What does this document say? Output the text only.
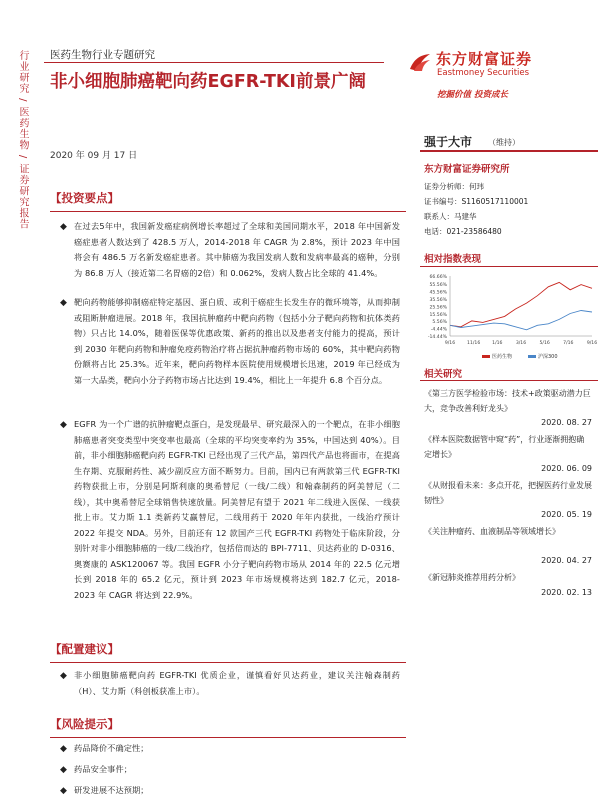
行业研究 / 医药生物 / 证券研究报告 医药生物行业专题研究
非小细胞肺癌靶向药EGFR-TKI前景广阔
2020 年 09 月 17 日
东方财富证券
Eastmoney Securities
挖掘价值 投资成长
【投资要点】
◆ 在过去5年中，我国新发癌症病例增长率超过了全球和美国同期水平，2018 年中国新发癌症患者人数达到了 428.5 万人，2014-2018 年 CAGR 为 2.8%，预计 2023 年中国将会有 486.5 万名新发癌症患者。其中肺癌为我国发病人数和发病率最高的癌种，分别为 86.8 万人（接近第二名胃癌的2倍）和 0.062%，发病人数占比全球的 41.4%。
◆ 靶向药物能够抑制癌症特定基因、蛋白质、或利于癌症生长发生存的微环境等，从而抑制或阻断肿瘤进展。2018 年，我国抗肿瘤药中靶向药物（包括小分子靶向药物和抗体类药物）只占比 14.0%，随着医保等优惠政策、新药的推出以及患者支付能力的提高，预计到 2030 年靶向药物和肿瘤免疫药物治疗将占据抗肿瘤药物市场的 60%，其中靶向药物份额将占比 25.3%。近年来，靶向药物样本医院使用规模增长迅速，2019 年已经成为第一大品类，靶向小分子药物市场占比达到 19.4%，相比上一年提升 6.8 个百分点。
◆ EGFR 为一个广谱的抗肿瘤靶点蛋白，是发现最早、研究最深入的一个靶点，在非小细胞肺癌患者突变类型中突变率也最高（全球的平均突变率约为 35%，中国达到 40%）。目前，非小细胞肺癌靶向药 EGFR-TKI 已经出现了三代产品，第四代产品也将面市，在提高生存期、克服耐药性、减少副反应方面不断努力。目前，国内已有两款第三代 EGFR-TKI 药物获批上市，分别是阿斯利康的奥希替尼（一线/二线）和翰森制药的阿美替尼（二线），其中奥希替尼全球销售快速放量。阿美替尼有望于 2021 年二线进入医保、一线获批上市。艾力斯 1.1 类新药艾赢替尼，二线用药于 2020 年年内获批，一线治疗预计 2022 年提交 NDA。另外，目前还有 12 款国产三代 EGFR-TKI 药物处于临床阶段，分别针对非小细胞肺癌的一线/二线治疗，包括倍而达的 BPI-7711、贝达药业的 D-0316、奥赛康的 ASK120067 等。我国 EGFR 小分子靶向药物市场从 2014 年的 22.5 亿元增长到 2018 年的 65.2 亿元，预计到 2023 年市场规模将达到 182.7 亿元，2018-2023 年 CAGR 将达到 22.9%。
【配置建议】
◆ 非小细胞肺癌靶向药 EGFR-TKI 优质企业，谨慎看好贝达药业，建议关注翰森制药（H）、艾力斯（科创板获准上市）。
【风险提示】
◆ 药品降价不确定性；
◆ 药品安全事件；
◆ 研发进展不达预期；
强于大市 （维持）
东方财富证券研究所
证券分析师：何玮
证书编号：S1160517110001
联系人：马建华
电话：021-23586480
相对指数表现
66.66%
55.56%
45.56%
35.56%
25.56%
15.56%
5.56%
-4.44%
-14.44%
9/16	11/16	1/16	3/16	5/16	7/16	9/16
医药生物	沪深300
相关研究
《第三方医学检验市场：技术+政策驱动潜力巨大，竞争改善利好龙头》
2020. 08. 27
《样本医院数据管中窥“药”，行业逐渐拥抱确定增长》
2020. 06. 09
《从财报看未来：多点开花，把握医药行业发展韧性》
2020. 05. 19
《关注肿瘤药、血液制品等领域增长》
2020. 04. 27
《新冠肺炎推荐用药分析》
2020. 02. 13
